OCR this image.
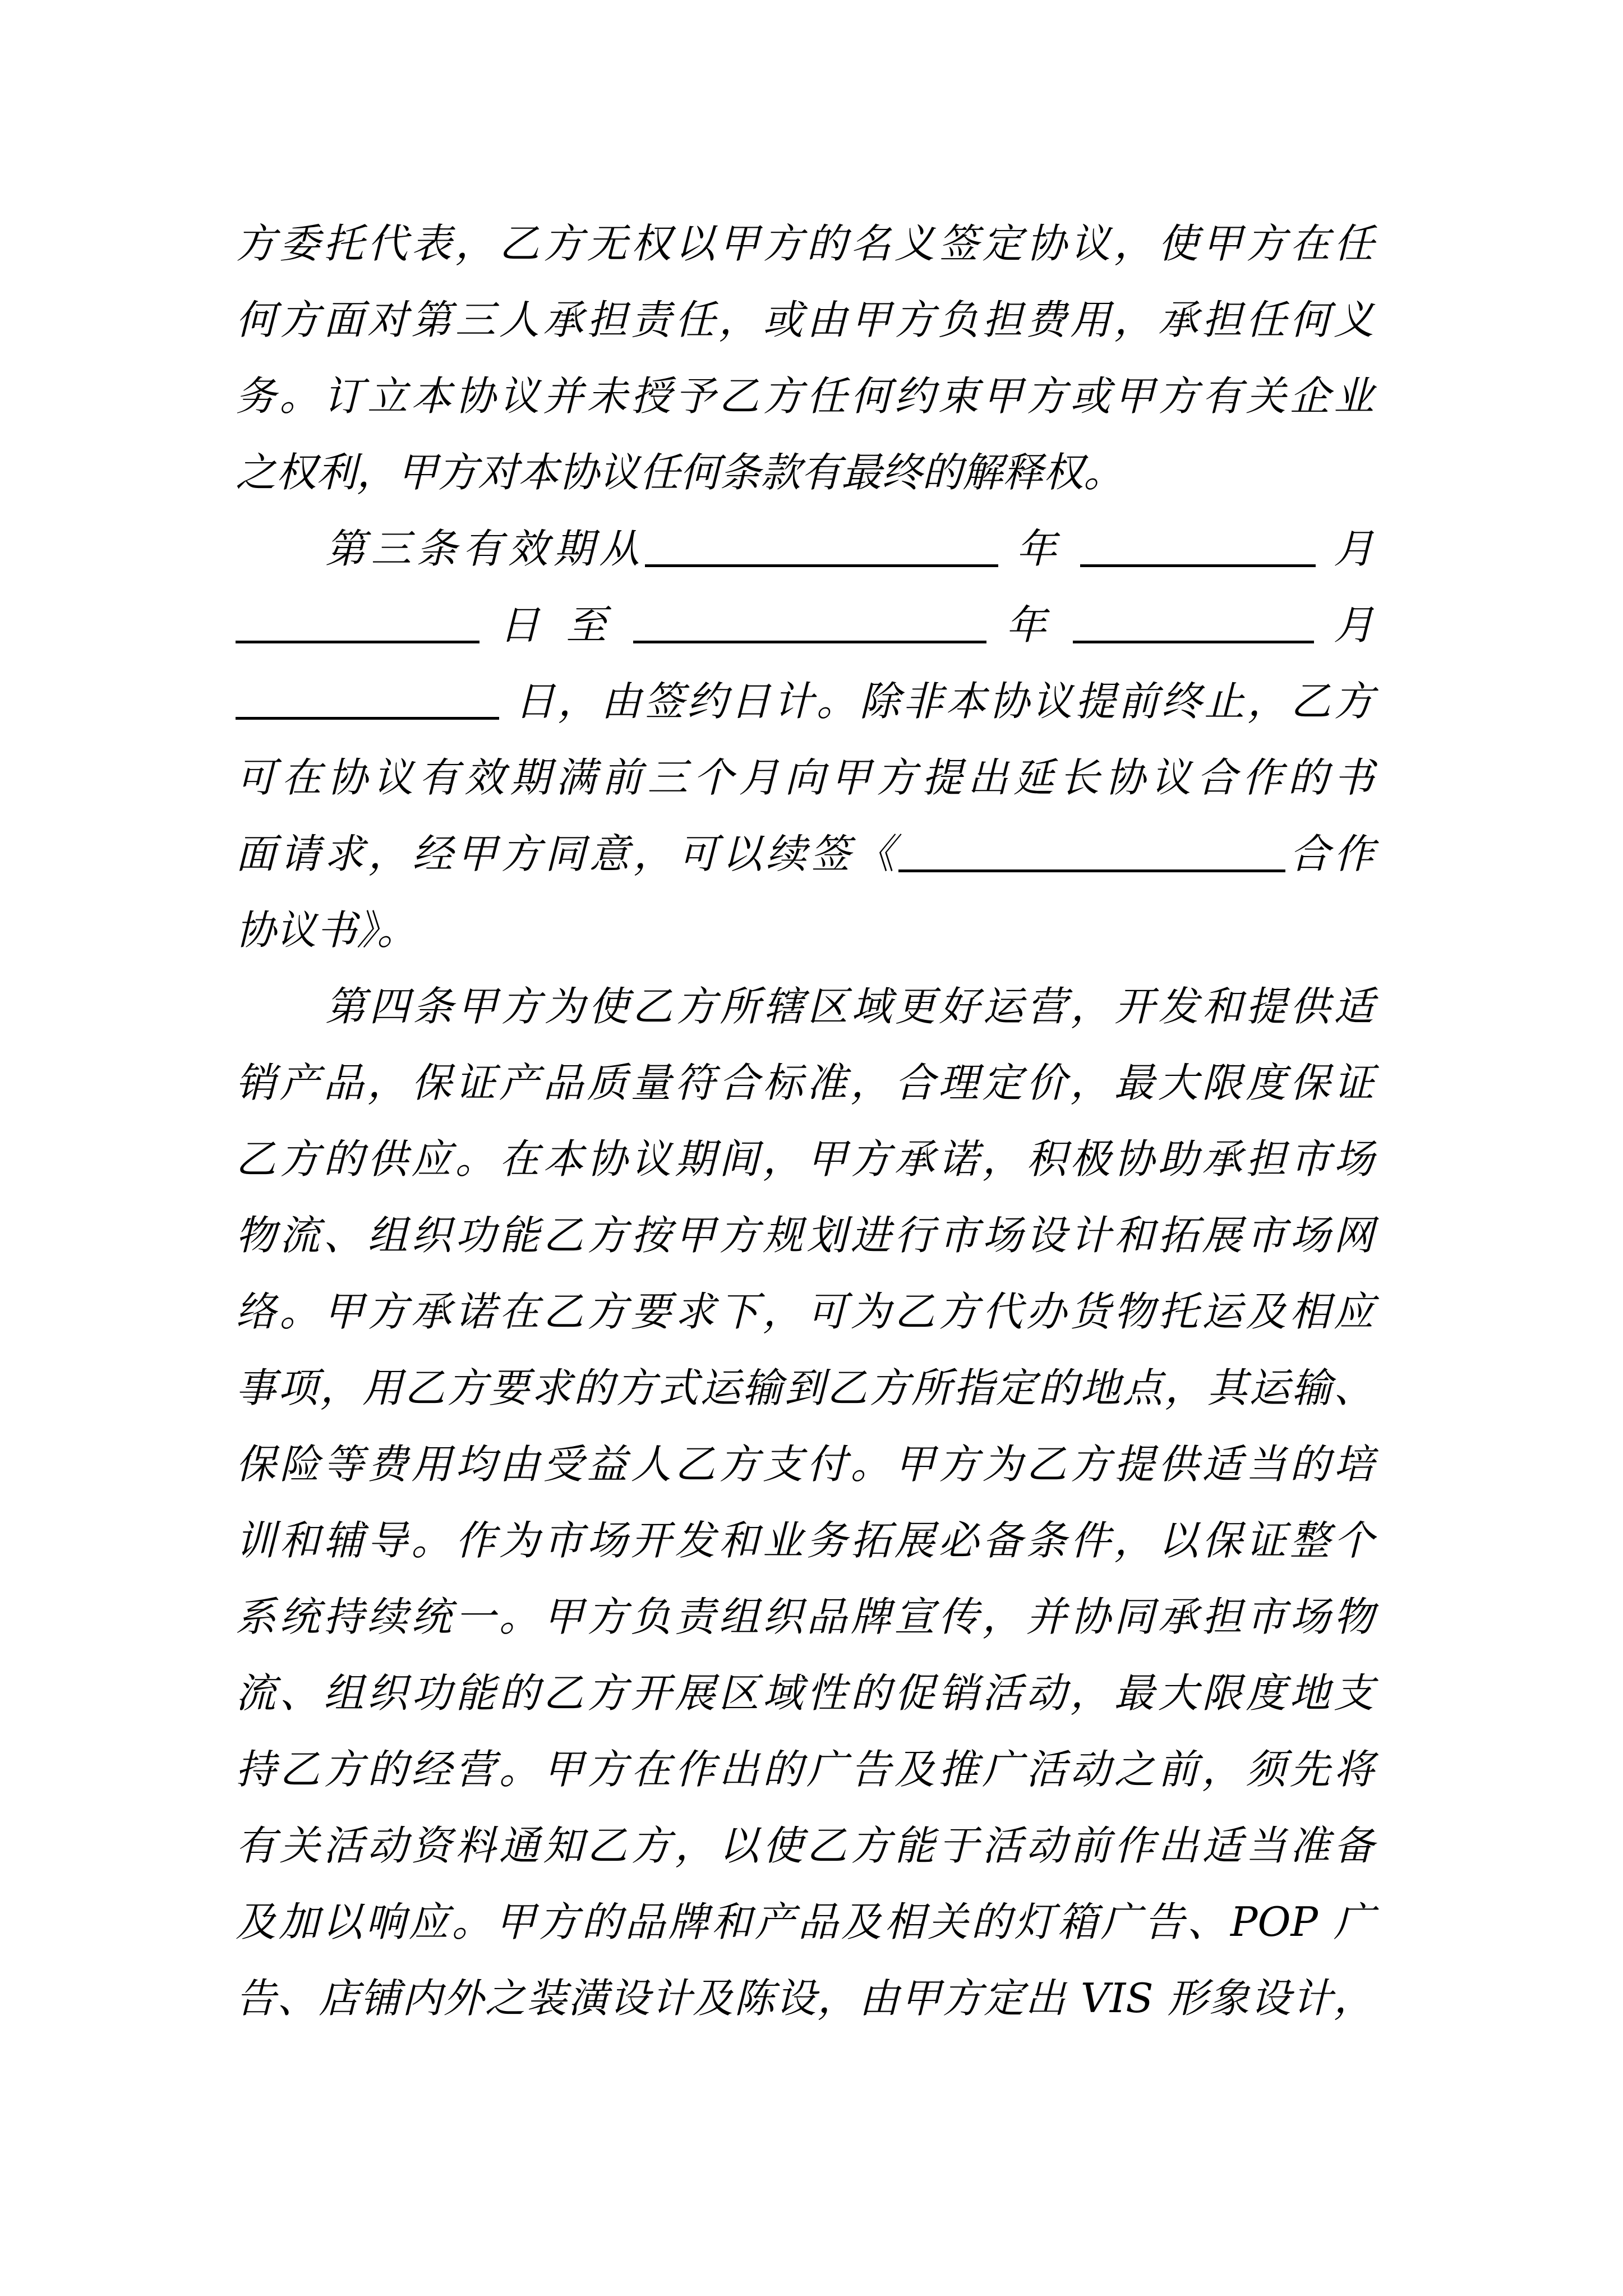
方委托代表，乙方无权以甲方的名义签定协议，使甲方在任
何方面对第三人承担责任，或由甲方负担费用，承担任何义
务。订立本协议并未授予乙方任何约束甲方或甲方有关企业
之权利，甲方对本协议任何条款有最终的解释权。
第三条有效期从	年	月
日 至	年	月
日，由签约日计。除非本协议提前终止，乙方
可在协议有效期满前三个月向甲方提出延长协议合作的书
面请求，经甲方同意，可以续签《	合作
协议书》。
第四条甲方为使乙方所辖区域更好运营，开发和提供适
销产品，保证产品质量符合标准，合理定价，最大限度保证
乙方的供应。在本协议期间，甲方承诺，积极协助承担市场
物流、组织功能乙方按甲方规划进行市场设计和拓展市场网
络。甲方承诺在乙方要求下，可为乙方代办货物托运及相应
事项，用乙方要求的方式运输到乙方所指定的地点，其运输、
保险等费用均由受益人乙方支付。甲方为乙方提供适当的培
训和辅导。作为市场开发和业务拓展必备条件，以保证整个
系统持续统一。甲方负责组织品牌宣传，并协同承担市场物
流、组织功能的乙方开展区域性的促销活动，最大限度地支
持乙方的经营。甲方在作出的广告及推广活动之前，须先将
有关活动资料通知乙方，以使乙方能于活动前作出适当准备
及加以响应。甲方的品牌和产品及相关的灯箱广告、POP 广
告、店铺内外之装潢设计及陈设，由甲方定出 VIS 形象设计，
